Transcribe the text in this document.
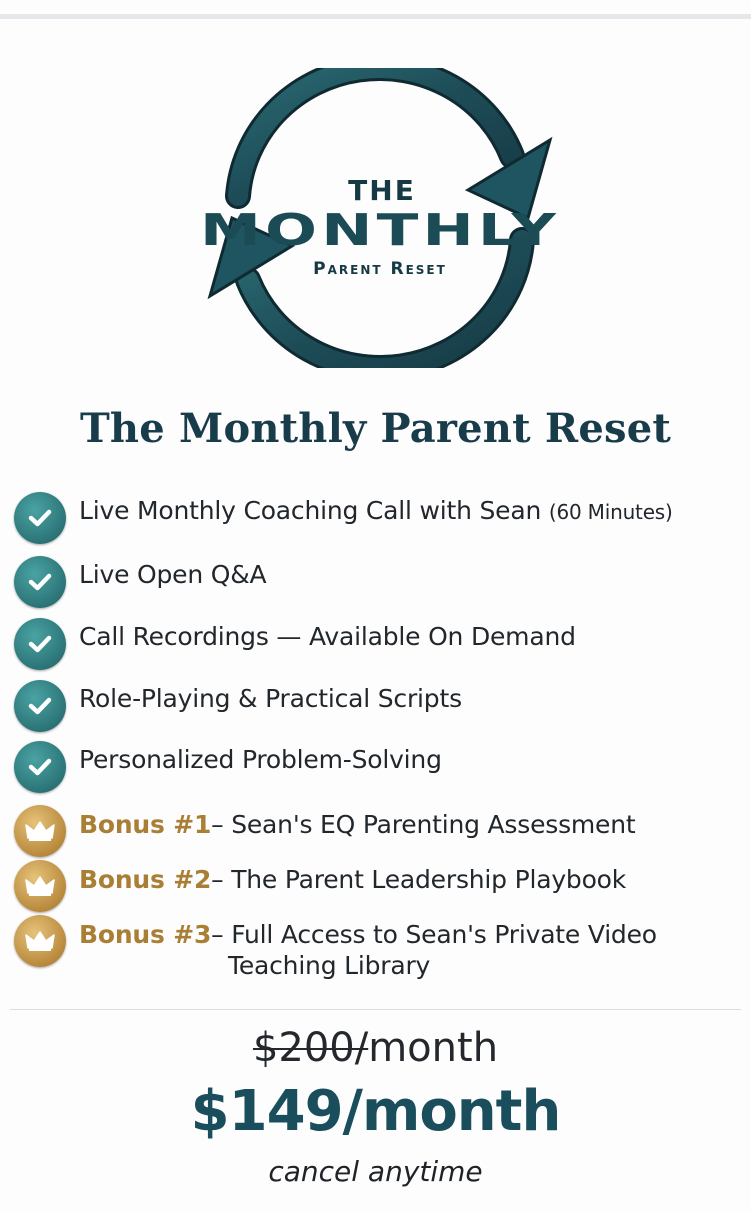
THE
MONTHLY
Parent Reset
The Monthly Parent Reset
Live Monthly Coaching Call with Sean (60 Minutes)
Live Open Q&A
Call Recordings — Available On Demand
Role-Playing & Practical Scripts
Personalized Problem-Solving
Bonus #1– Sean's EQ Parenting Assessment
Bonus #2– The Parent Leadership Playbook
Bonus #3– Full Access to Sean's Private Video
Teaching Library
$200/month
$149/month
cancel anytime
